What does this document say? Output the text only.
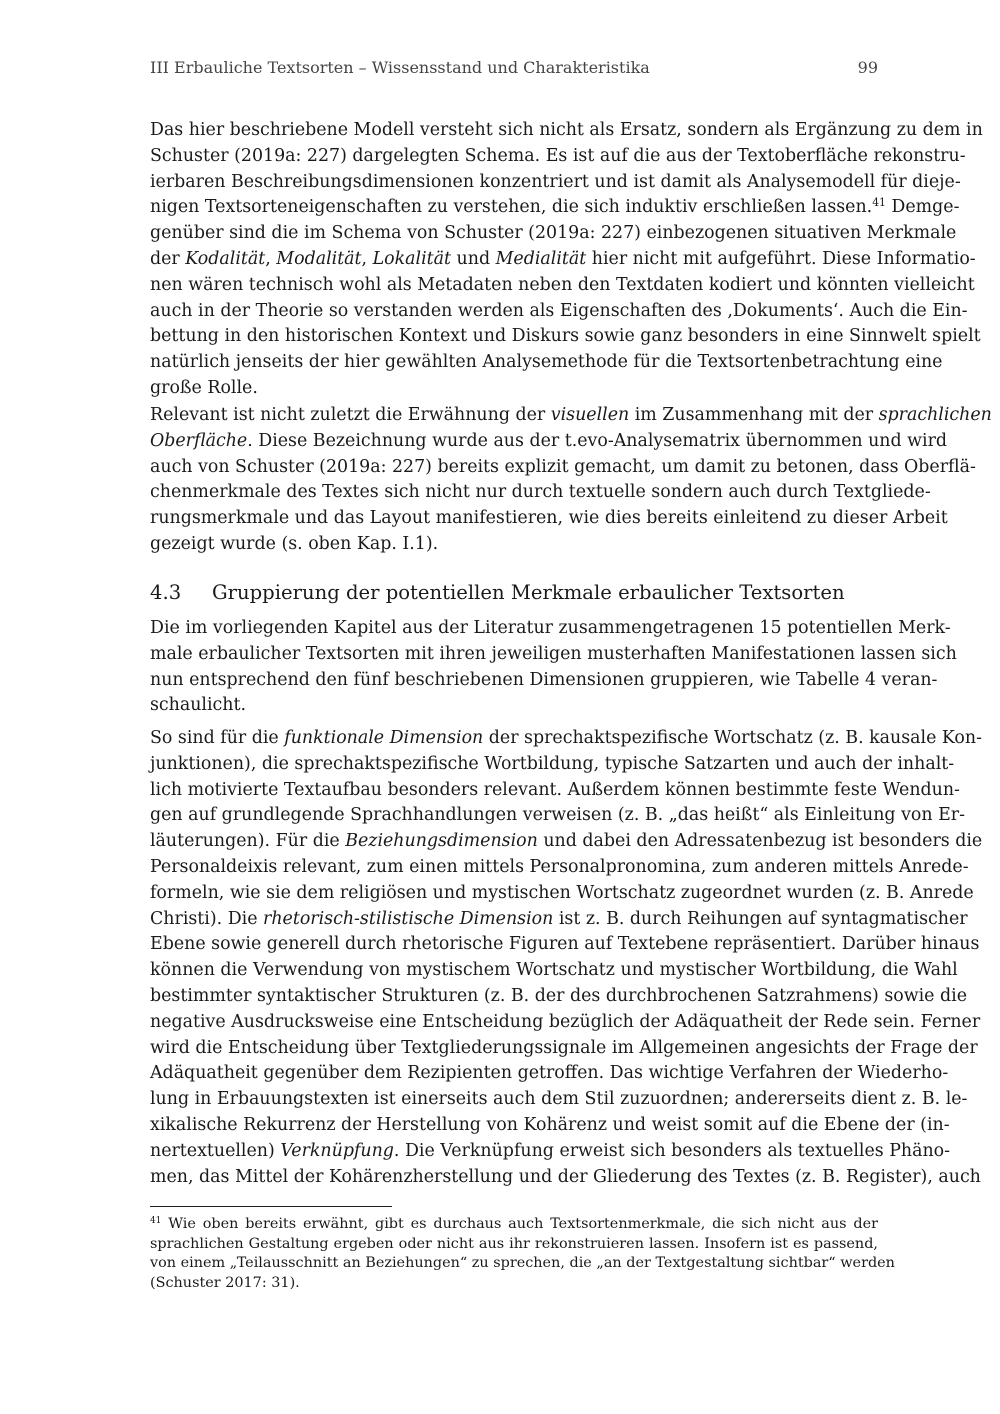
III Erbauliche Textsorten – Wissensstand und Charakteristika	99
Das hier beschriebene Modell versteht sich nicht als Ersatz, sondern als Ergänzung zu dem in
Schuster (2019a: 227) dargelegten Schema. Es ist auf die aus der Textoberfläche rekonstru-
ierbaren Beschreibungsdimensionen konzentriert und ist damit als Analysemodell für dieje-
nigen Textsorteneigenschaften zu verstehen, die sich induktiv erschließen lassen.$^{41}$ Demge-
genüber sind die im Schema von Schuster (2019a: 227) einbezogenen situativen Merkmale
der Kodalität, Modalität, Lokalität und Medialität hier nicht mit aufgeführt. Diese Informatio-
nen wären technisch wohl als Metadaten neben den Textdaten kodiert und könnten vielleicht
auch in der Theorie so verstanden werden als Eigenschaften des ‚Dokuments‘. Auch die Ein-
bettung in den historischen Kontext und Diskurs sowie ganz besonders in eine Sinnwelt spielt
natürlich jenseits der hier gewählten Analysemethode für die Textsortenbetrachtung eine
große Rolle.
Relevant ist nicht zuletzt die Erwähnung der visuellen im Zusammenhang mit der sprachlichen
Oberfläche. Diese Bezeichnung wurde aus der t.evo-Analysematrix übernommen und wird
auch von Schuster (2019a: 227) bereits explizit gemacht, um damit zu betonen, dass Oberflä-
chenmerkmale des Textes sich nicht nur durch textuelle sondern auch durch Textgliede-
rungsmerkmale und das Layout manifestieren, wie dies bereits einleitend zu dieser Arbeit
gezeigt wurde (s. oben Kap. I.1).
4.3 Gruppierung der potentiellen Merkmale erbaulicher Textsorten
Die im vorliegenden Kapitel aus der Literatur zusammengetragenen 15 potentiellen Merk-
male erbaulicher Textsorten mit ihren jeweiligen musterhaften Manifestationen lassen sich
nun entsprechend den fünf beschriebenen Dimensionen gruppieren, wie Tabelle 4 veran-
schaulicht.
So sind für die funktionale Dimension der sprechaktspezifische Wortschatz (z. B. kausale Kon-
junktionen), die sprechaktspezifische Wortbildung, typische Satzarten und auch der inhalt-
lich motivierte Textaufbau besonders relevant. Außerdem können bestimmte feste Wendun-
gen auf grundlegende Sprachhandlungen verweisen (z. B. „das heißt“ als Einleitung von Er-
läuterungen). Für die Beziehungsdimension und dabei den Adressatenbezug ist besonders die
Personaldeixis relevant, zum einen mittels Personalpronomina, zum anderen mittels Anrede-
formeln, wie sie dem religiösen und mystischen Wortschatz zugeordnet wurden (z. B. Anrede
Christi). Die rhetorisch-stilistische Dimension ist z. B. durch Reihungen auf syntagmatischer
Ebene sowie generell durch rhetorische Figuren auf Textebene repräsentiert. Darüber hinaus
können die Verwendung von mystischem Wortschatz und mystischer Wortbildung, die Wahl
bestimmter syntaktischer Strukturen (z. B. der des durchbrochenen Satzrahmens) sowie die
negative Ausdrucksweise eine Entscheidung bezüglich der Adäquatheit der Rede sein. Ferner
wird die Entscheidung über Textgliederungssignale im Allgemeinen angesichts der Frage der
Adäquatheit gegenüber dem Rezipienten getroffen. Das wichtige Verfahren der Wiederho-
lung in Erbauungstexten ist einerseits auch dem Stil zuzuordnen; andererseits dient z. B. le-
xikalische Rekurrenz der Herstellung von Kohärenz und weist somit auf die Ebene der (in-
nertextuellen) Verknüpfung. Die Verknüpfung erweist sich besonders als textuelles Phäno-
men, das Mittel der Kohärenzherstellung und der Gliederung des Textes (z. B. Register), auch
$^{41}$ Wie oben bereits erwähnt, gibt es durchaus auch Textsortenmerkmale, die sich nicht aus der
sprachlichen Gestaltung ergeben oder nicht aus ihr rekonstruieren lassen. Insofern ist es passend,
von einem „Teilausschnitt an Beziehungen“ zu sprechen, die „an der Textgestaltung sichtbar“ werden
(Schuster 2017: 31).
